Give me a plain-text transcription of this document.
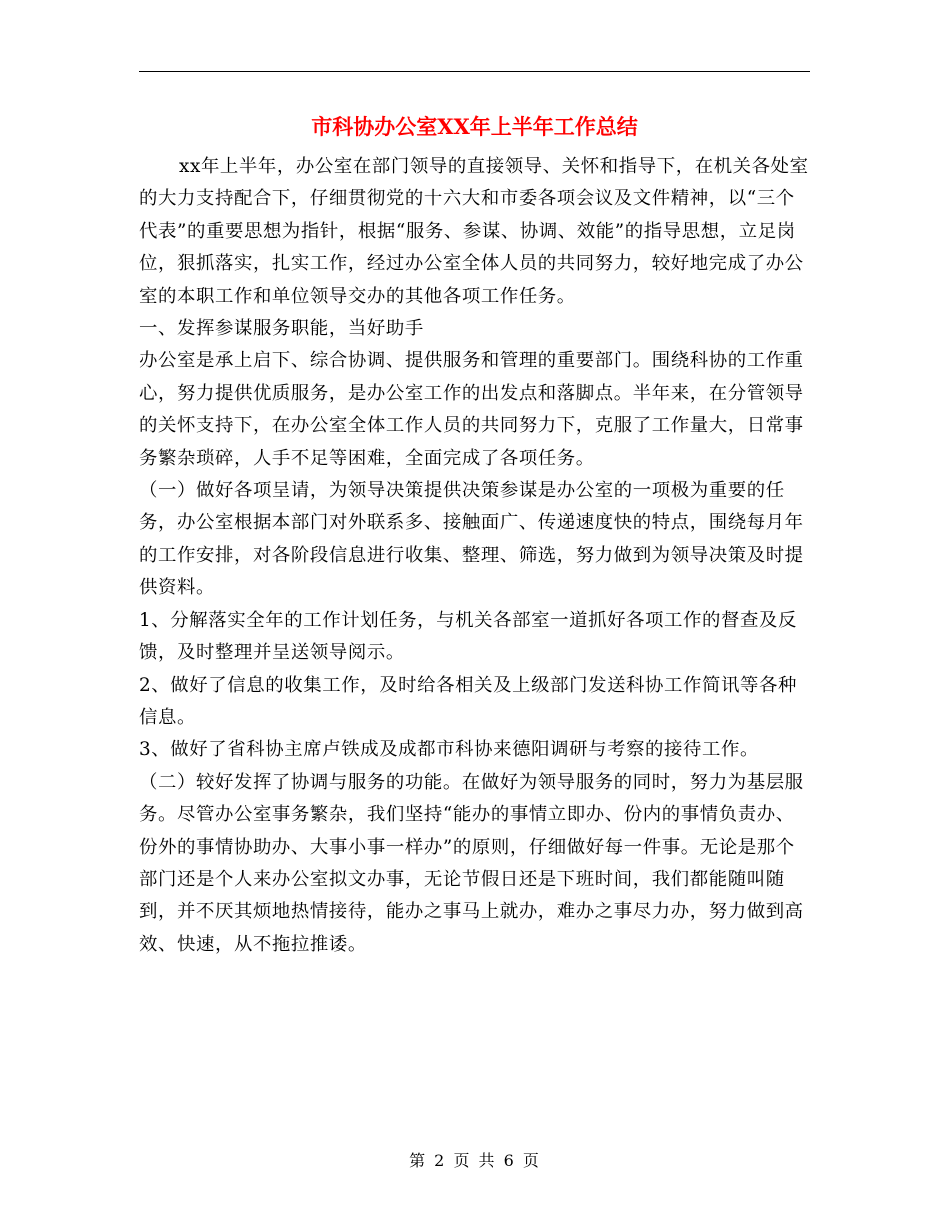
市科协办公室XX年上半年工作总结

xx年上半年，办公室在部门领导的直接领导、关怀和指导下，在机关各处室的大力支持配合下，仔细贯彻党的十六大和市委各项会议及文件精神，以“三个代表”的重要思想为指针，根据“服务、参谋、协调、效能”的指导思想，立足岗位，狠抓落实，扎实工作，经过办公室全体人员的共同努力，较好地完成了办公室的本职工作和单位领导交办的其他各项工作任务。

一、发挥参谋服务职能，当好助手

办公室是承上启下、综合协调、提供服务和管理的重要部门。围绕科协的工作重心，努力提供优质服务，是办公室工作的出发点和落脚点。半年来，在分管领导的关怀支持下，在办公室全体工作人员的共同努力下，克服了工作量大，日常事务繁杂琐碎，人手不足等困难，全面完成了各项任务。

（一）做好各项呈请，为领导决策提供决策参谋是办公室的一项极为重要的任务，办公室根据本部门对外联系多、接触面广、传递速度快的特点，围绕每月年的工作安排，对各阶段信息进行收集、整理、筛选，努力做到为领导决策及时提供资料。

1、分解落实全年的工作计划任务，与机关各部室一道抓好各项工作的督查及反馈，及时整理并呈送领导阅示。

2、做好了信息的收集工作，及时给各相关及上级部门发送科协工作简讯等各种信息。

3、做好了省科协主席卢铁成及成都市科协来德阳调研与考察的接待工作。

（二）较好发挥了协调与服务的功能。在做好为领导服务的同时，努力为基层服务。尽管办公室事务繁杂，我们坚持“能办的事情立即办、份内的事情负责办、份外的事情协助办、大事小事一样办”的原则，仔细做好每一件事。无论是那个部门还是个人来办公室拟文办事，无论节假日还是下班时间，我们都能随叫随到，并不厌其烦地热情接待，能办之事马上就办，难办之事尽力办，努力做到高效、快速，从不拖拉推诿。

第 2 页 共 6 页
